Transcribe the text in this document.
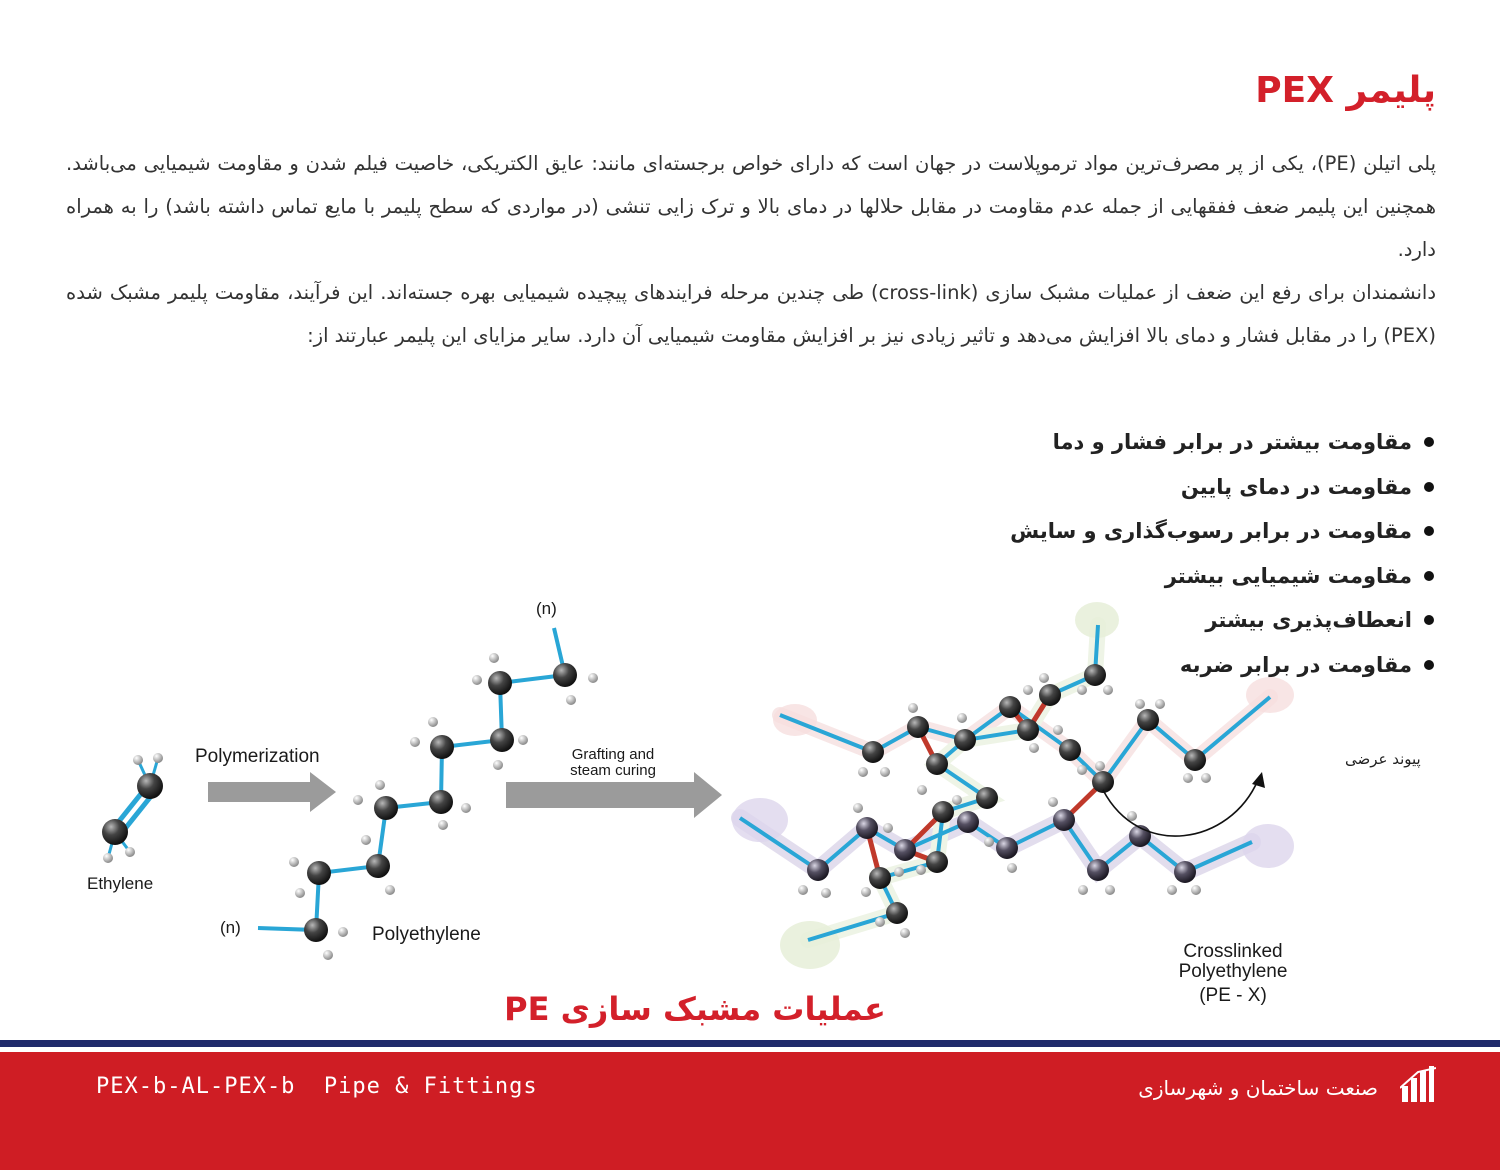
پلیمر PEX

پلی اتیلن (PE)، یکی از پر مصرف‌ترین مواد ترموپلاست در جهان است که دارای خواص برجسته‌ای مانند: عایق الکتریکی، خاصیت فیلم شدن و مقاومت شیمیایی می‌باشد. همچنین این پلیمر ضعف ففقهایی از جمله عدم مقاومت در مقابل حلالها در دمای بالا و ترک زایی تنشی (در مواردی که سطح پلیمر با مایع تماس داشته باشد) را به همراه دارد.

دانشمندان برای رفع این ضعف از عملیات مشبک سازی (cross-link) طی چندین مرحله فرایندهای پیچیده شیمیایی بهره جسته‌اند. این فرآیند، مقاومت پلیمر مشبک شده (PEX) را در مقابل فشار و دمای بالا افزایش می‌دهد و تاثیر زیادی نیز بر افزایش مقاومت شیمیایی آن دارد. سایر مزایای این پلیمر عبارتند از:

مقاومت بیشتر در برابر فشار و دما
مقاومت در دمای پایین
مقاومت در برابر رسوب‌گذاری و سایش
مقاومت شیمیایی بیشتر
انعطاف‌پذیری بیشتر
مقاومت در برابر ضربه
Ethylene
Polymerization
(n)
(n)
Polyethylene
Grafting and
steam curing
پیوند عرضی
Crosslinked
Polyethylene
(PE - X)
عملیات مشبک سازی PE
PEX-b-AL-PEX-b  Pipe & Fittings	صنعت ساختمان و شهرسازی
